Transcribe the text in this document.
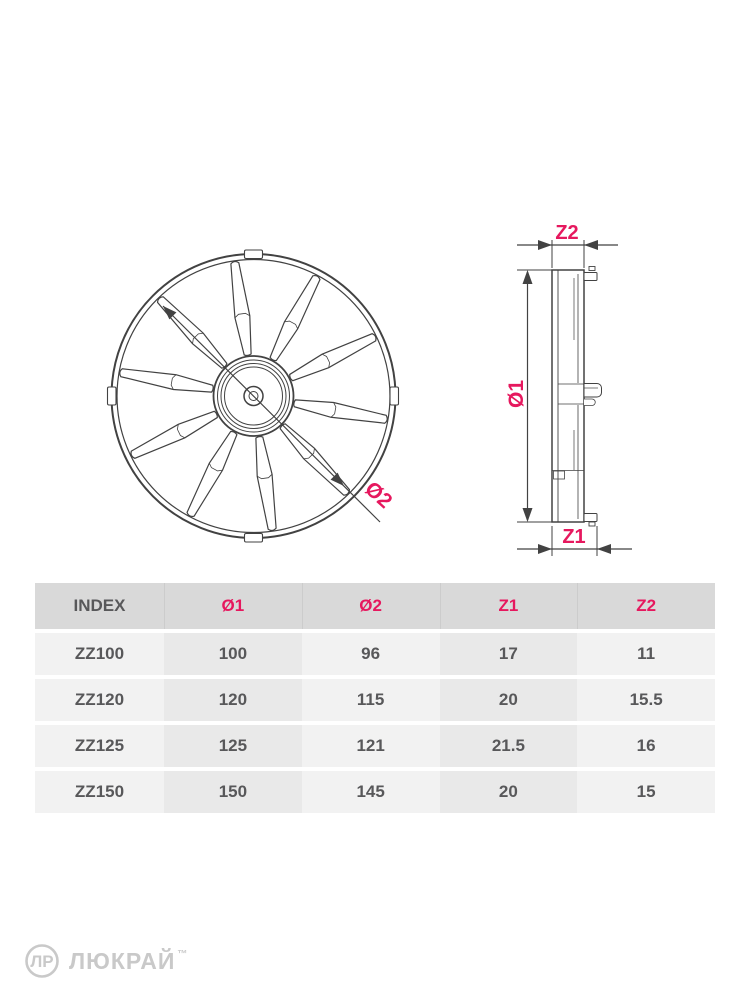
Ø2
Z2
Ø1
Z1
INDEX	Ø1	Ø2	Z1	Z2
ZZ100	100	96	17	11
ZZ120	120	115	20	15.5
ZZ125	125	121	21.5	16
ZZ150	150	145	20	15
ЛР ЛЮКРАЙ ™
